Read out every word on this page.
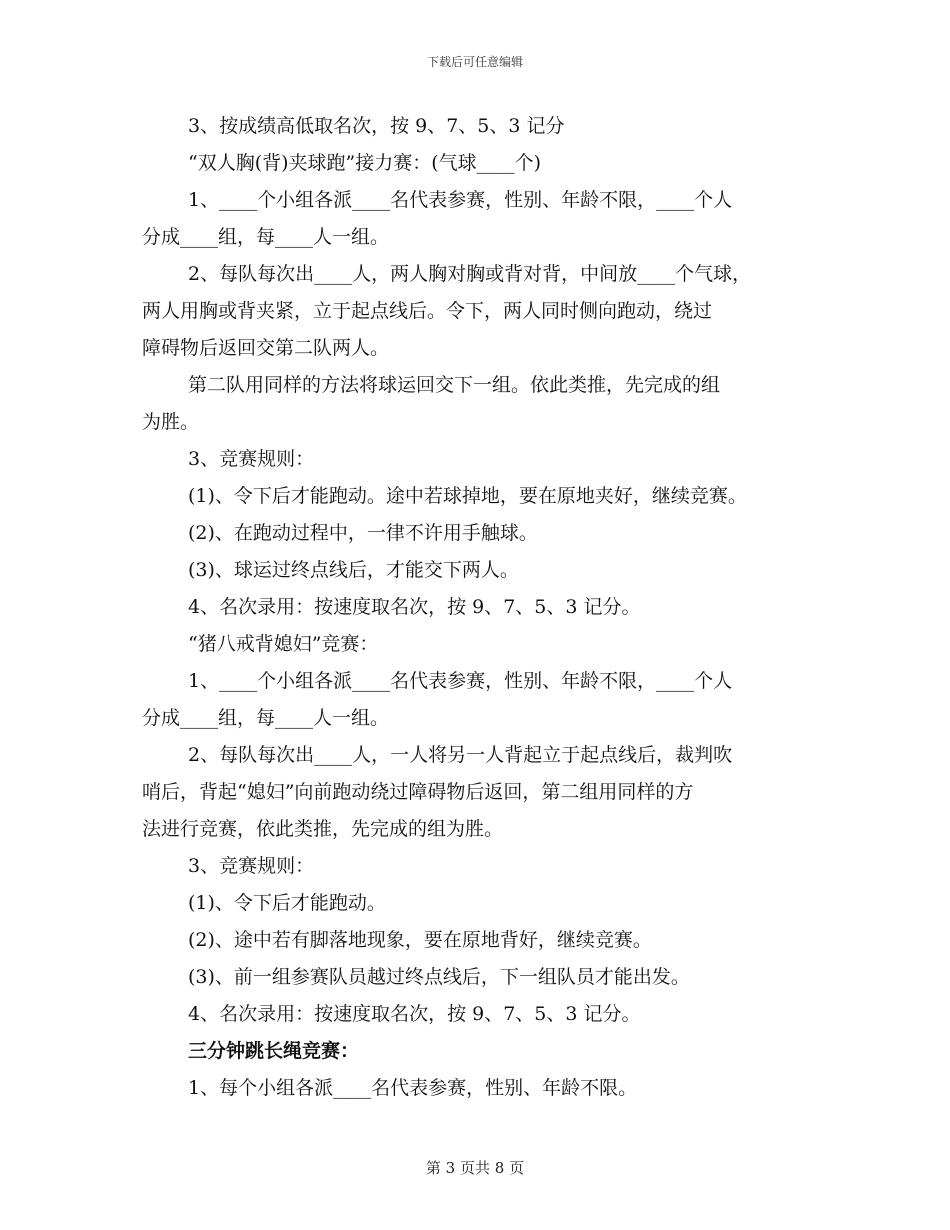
下载后可任意编辑
3、按成绩高低取名次，按 9、7、5、3 记分
“双人胸(背)夹球跑”接力赛：(气球____个)
1、____个小组各派____名代表参赛，性别、年龄不限，____个人
分成____组，每____人一组。
2、每队每次出____人，两人胸对胸或背对背，中间放____个气球，
两人用胸或背夹紧，立于起点线后。令下，两人同时侧向跑动，绕过
障碍物后返回交第二队两人。
第二队用同样的方法将球运回交下一组。依此类推，先完成的组
为胜。
3、竞赛规则：
(1)、令下后才能跑动。途中若球掉地，要在原地夹好，继续竞赛。
(2)、在跑动过程中，一律不许用手触球。
(3)、球运过终点线后，才能交下两人。
4、名次录用：按速度取名次，按 9、7、5、3 记分。
“猪八戒背媳妇”竞赛：
1、____个小组各派____名代表参赛，性别、年龄不限，____个人
分成____组，每____人一组。
2、每队每次出____人，一人将另一人背起立于起点线后，裁判吹
哨后，背起“媳妇”向前跑动绕过障碍物后返回，第二组用同样的方
法进行竞赛，依此类推，先完成的组为胜。
3、竞赛规则：
(1)、令下后才能跑动。
(2)、途中若有脚落地现象，要在原地背好，继续竞赛。
(3)、前一组参赛队员越过终点线后，下一组队员才能出发。
4、名次录用：按速度取名次，按 9、7、5、3 记分。
三分钟跳长绳竞赛：
1、每个小组各派____名代表参赛，性别、年龄不限。
第 3 页共 8 页
